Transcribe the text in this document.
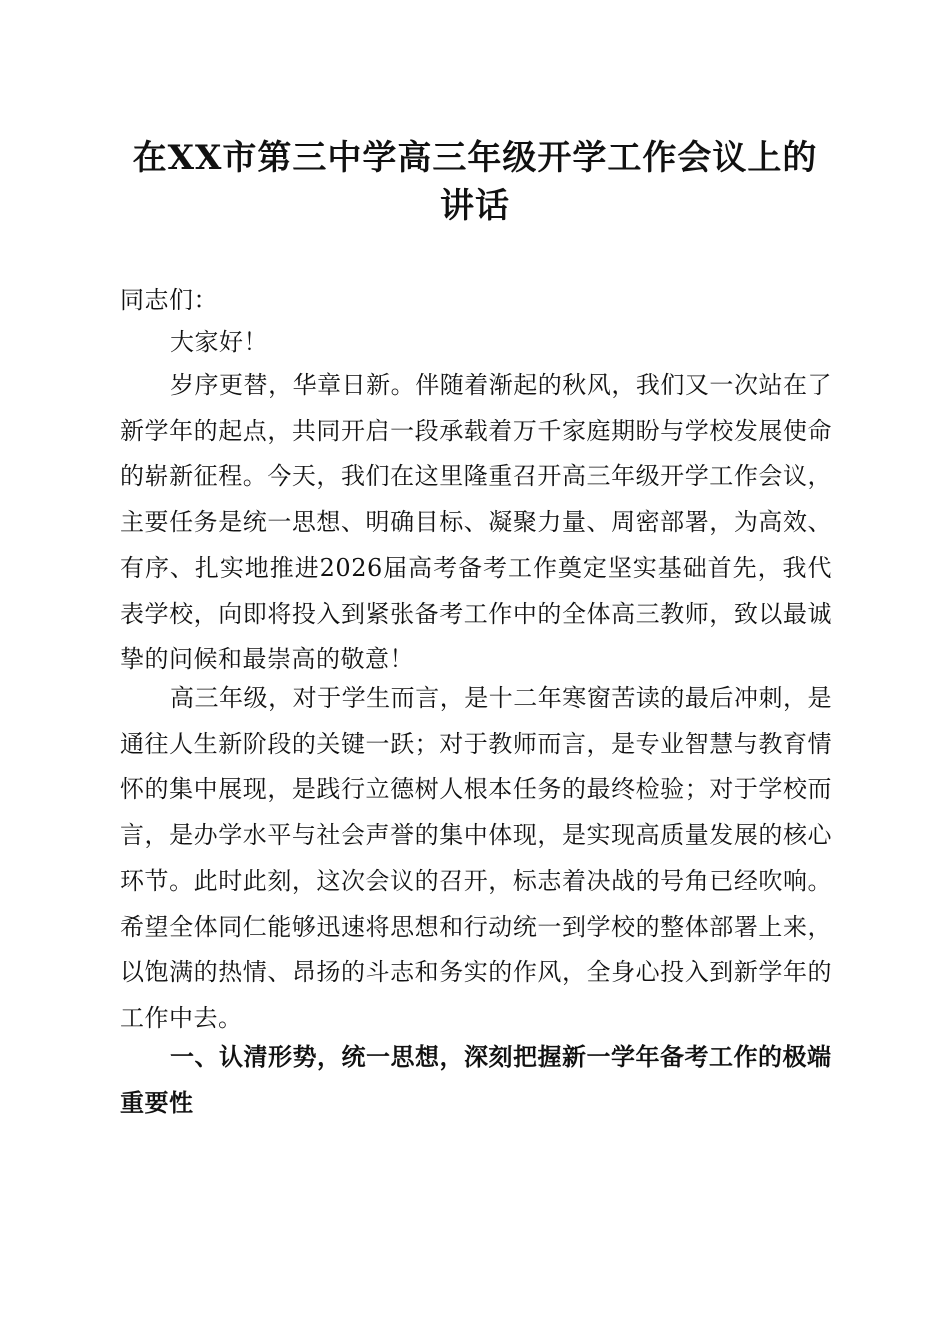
在XX市第三中学高三年级开学工作会议上的
讲话
同志们：
大家好！

岁序更替，华章日新。伴随着渐起的秋风，我们又一次站在了新学年的起点，共同开启一段承载着万千家庭期盼与学校发展使命的崭新征程。今天，我们在这里隆重召开高三年级开学工作会议，主要任务是统一思想、明确目标、凝聚力量、周密部署，为高效、有序、扎实地推进2026届高考备考工作奠定坚实基础首先，我代表学校，向即将投入到紧张备考工作中的全体高三教师，致以最诚挚的问候和最崇高的敬意！

高三年级，对于学生而言，是十二年寒窗苦读的最后冲刺，是通往人生新阶段的关键一跃；对于教师而言，是专业智慧与教育情怀的集中展现，是践行立德树人根本任务的最终检验；对于学校而言，是办学水平与社会声誉的集中体现，是实现高质量发展的核心环节。此时此刻，这次会议的召开，标志着决战的号角已经吹响。希望全体同仁能够迅速将思想和行动统一到学校的整体部署上来，以饱满的热情、昂扬的斗志和务实的作风，全身心投入到新学年的工作中去。

一、认清形势，统一思想，深刻把握新一学年备考工作的极端重要性
